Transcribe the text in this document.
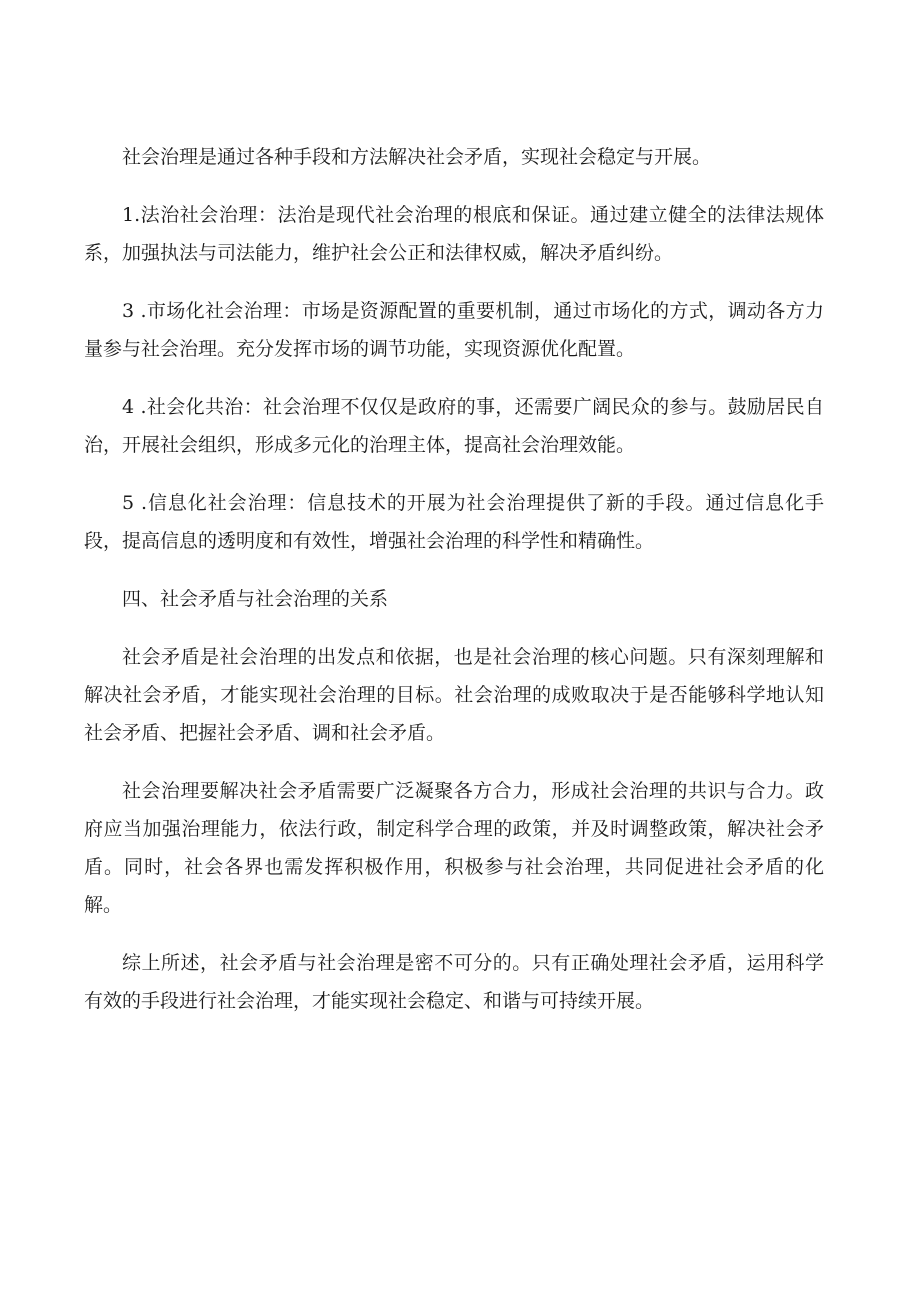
社会治理是通过各种手段和方法解决社会矛盾，实现社会稳定与开展。

1.法治社会治理：法治是现代社会治理的根底和保证。通过建立健全的法律法规体系，加强执法与司法能力，维护社会公正和法律权威，解决矛盾纠纷。

3 .市场化社会治理：市场是资源配置的重要机制，通过市场化的方式，调动各方力量参与社会治理。充分发挥市场的调节功能，实现资源优化配置。

4 .社会化共治：社会治理不仅仅是政府的事，还需要广阔民众的参与。鼓励居民自治，开展社会组织，形成多元化的治理主体，提高社会治理效能。

5 .信息化社会治理：信息技术的开展为社会治理提供了新的手段。通过信息化手段，提高信息的透明度和有效性，增强社会治理的科学性和精确性。

四、社会矛盾与社会治理的关系

社会矛盾是社会治理的出发点和依据，也是社会治理的核心问题。只有深刻理解和解决社会矛盾，才能实现社会治理的目标。社会治理的成败取决于是否能够科学地认知社会矛盾、把握社会矛盾、调和社会矛盾。

社会治理要解决社会矛盾需要广泛凝聚各方合力，形成社会治理的共识与合力。政府应当加强治理能力，依法行政，制定科学合理的政策，并及时调整政策，解决社会矛盾。同时，社会各界也需发挥积极作用，积极参与社会治理，共同促进社会矛盾的化解。

综上所述，社会矛盾与社会治理是密不可分的。只有正确处理社会矛盾，运用科学有效的手段进行社会治理，才能实现社会稳定、和谐与可持续开展。
